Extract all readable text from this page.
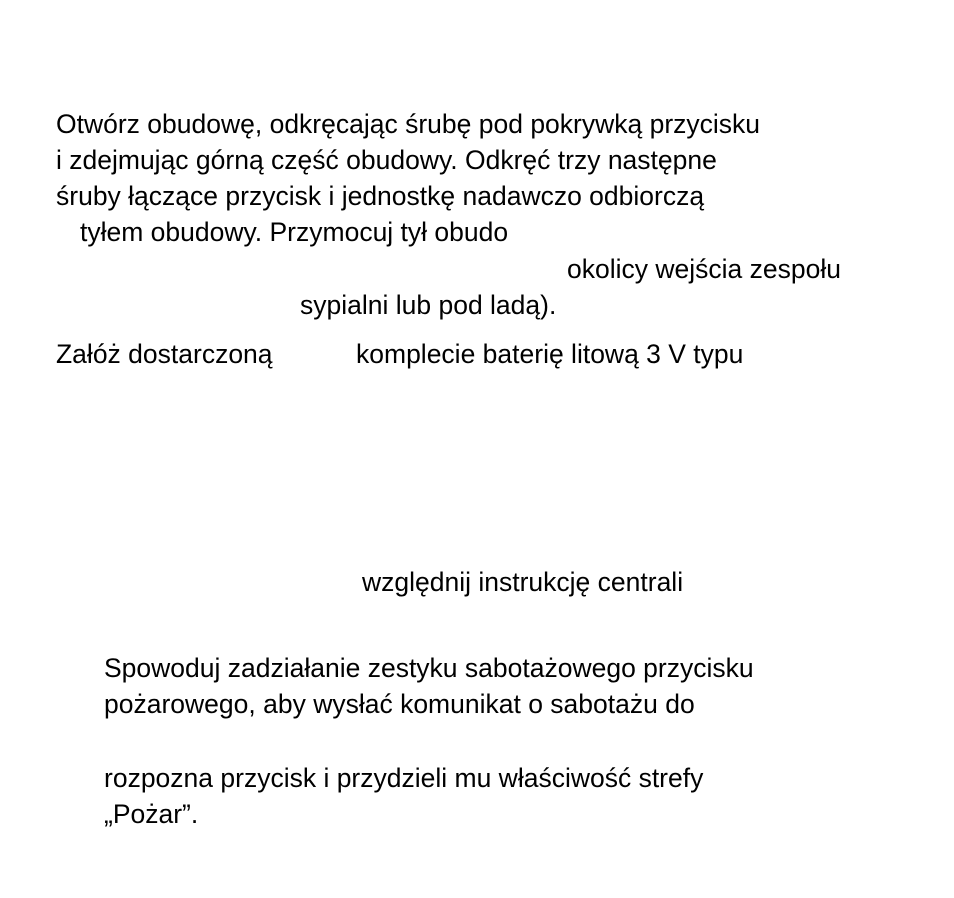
Otwórz obudowę, odkręcając śrubę pod pokrywką przycisku

i zdejmując górną część obudowy. Odkręć trzy następne

śruby łączące przycisk i jednostkę nadawczo odbiorczą

tyłem obudowy. Przymocuj tył obudo

okolicy wejścia zespołu

sypialni lub pod ladą).

Załóż dostarczoną	komplecie baterię litową 3 V typu

względnij instrukcję centrali

Spowoduj zadziałanie zestyku sabotażowego przycisku

pożarowego, aby wysłać komunikat o sabotażu do

rozpozna przycisk i przydzieli mu właściwość strefy

„Pożar”.
